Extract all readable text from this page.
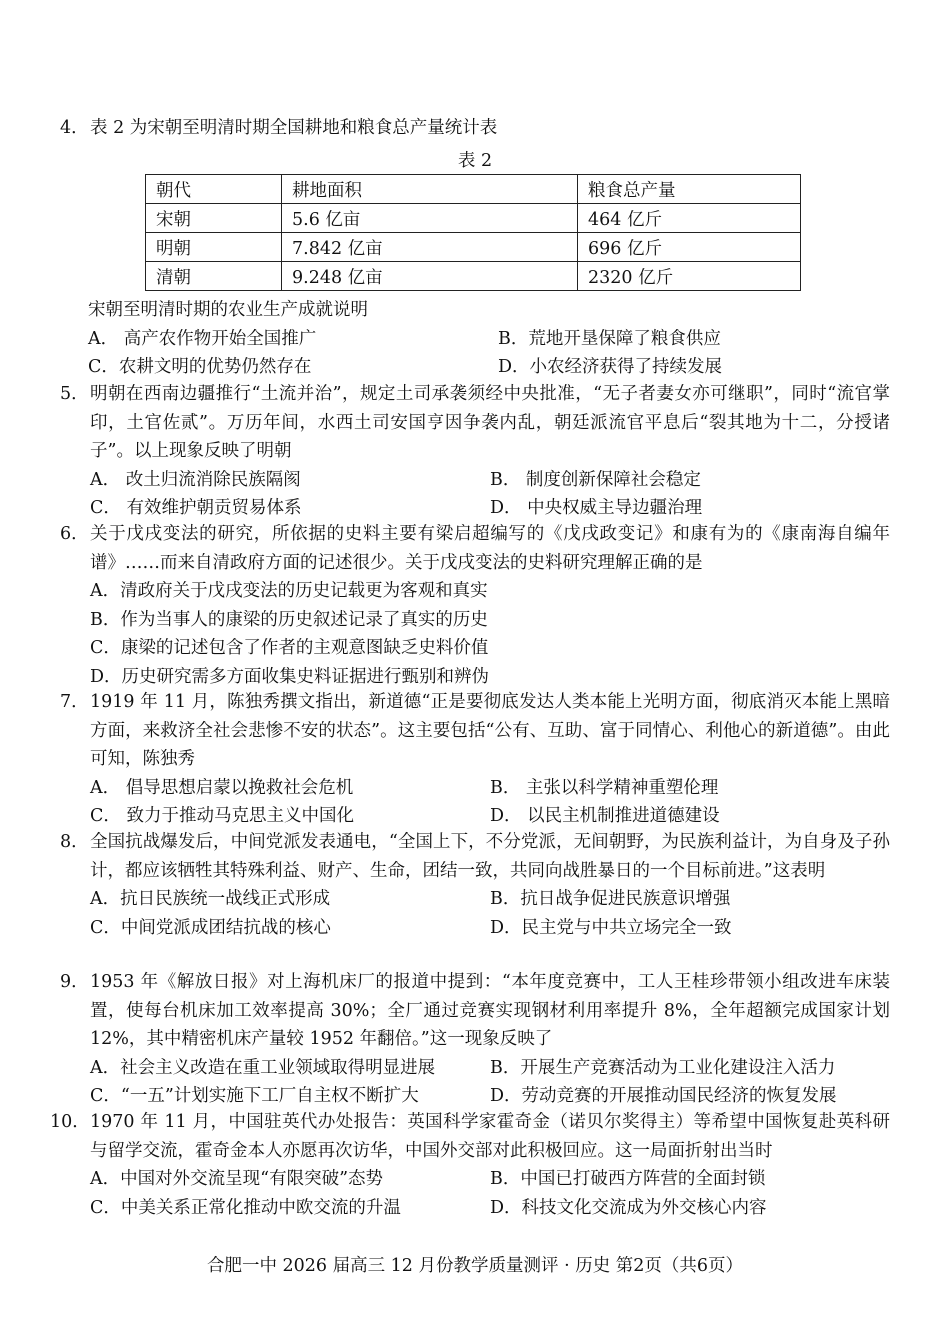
4． 表 2 为宋朝至明清时期全国耕地和粮食总产量统计表
表 2
朝代	耕地面积	粮食总产量
宋朝	5.6 亿亩	464 亿斤
明朝	7.842 亿亩	696 亿斤
清朝	9.248 亿亩	2320 亿斤
宋朝至明清时期的农业生产成就说明
A． 高产农作物开始全国推广	B．荒地开垦保障了粮食供应
C．农耕文明的优势仍然存在	D．小农经济获得了持续发展
5． 明朝在西南边疆推行“土流并治”，规定土司承袭须经中央批准，“无子者妻女亦可继职”，同时“流官掌印，土官佐贰”。万历年间，水西土司安国亨因争袭内乱，朝廷派流官平息后“裂其地为十二，分授诸子”。以上现象反映了明朝
A． 改土归流消除民族隔阂	B． 制度创新保障社会稳定
C． 有效维护朝贡贸易体系	D． 中央权威主导边疆治理
6． 关于戊戌变法的研究，所依据的史料主要有梁启超编写的《戊戌政变记》和康有为的《康南海自编年谱》……而来自清政府方面的记述很少。关于戊戌变法的史料研究理解正确的是
A．清政府关于戊戌变法的历史记载更为客观和真实
B．作为当事人的康梁的历史叙述记录了真实的历史
C．康梁的记述包含了作者的主观意图缺乏史料价值
D．历史研究需多方面收集史料证据进行甄别和辨伪
7． 1919 年 11 月，陈独秀撰文指出，新道德“正是要彻底发达人类本能上光明方面，彻底消灭本能上黑暗方面，来救济全社会悲惨不安的状态”。这主要包括“公有、互助、富于同情心、利他心的新道德”。由此可知，陈独秀
A． 倡导思想启蒙以挽救社会危机	B． 主张以科学精神重塑伦理
C． 致力于推动马克思主义中国化	D． 以民主机制推进道德建设
8． 全国抗战爆发后，中间党派发表通电，“全国上下，不分党派，无间朝野，为民族利益计，为自身及子孙计，都应该牺牲其特殊利益、财产、生命，团结一致，共同向战胜暴日的一个目标前进。”这表明
A．抗日民族统一战线正式形成	B．抗日战争促进民族意识增强
C．中间党派成团结抗战的核心	D．民主党与中共立场完全一致
9． 1953 年《解放日报》对上海机床厂的报道中提到：“本年度竞赛中，工人王桂珍带领小组改进车床装置，使每台机床加工效率提高 30%；全厂通过竞赛实现钢材利用率提升 8%，全年超额完成国家计划 12%，其中精密机床产量较 1952 年翻倍。”这一现象反映了
A．社会主义改造在重工业领域取得明显进展	B．开展生产竞赛活动为工业化建设注入活力
C．“一五”计划实施下工厂自主权不断扩大	D．劳动竞赛的开展推动国民经济的恢复发展
10． 1970 年 11 月，中国驻英代办处报告：英国科学家霍奇金（诺贝尔奖得主）等希望中国恢复赴英科研与留学交流，霍奇金本人亦愿再次访华，中国外交部对此积极回应。这一局面折射出当时
A．中国对外交流呈现“有限突破”态势	B．中国已打破西方阵营的全面封锁
C．中美关系正常化推动中欧交流的升温	D．科技文化交流成为外交核心内容
合肥一中 2026 届高三 12 月份教学质量测评 · 历史 第2页（共6页）
